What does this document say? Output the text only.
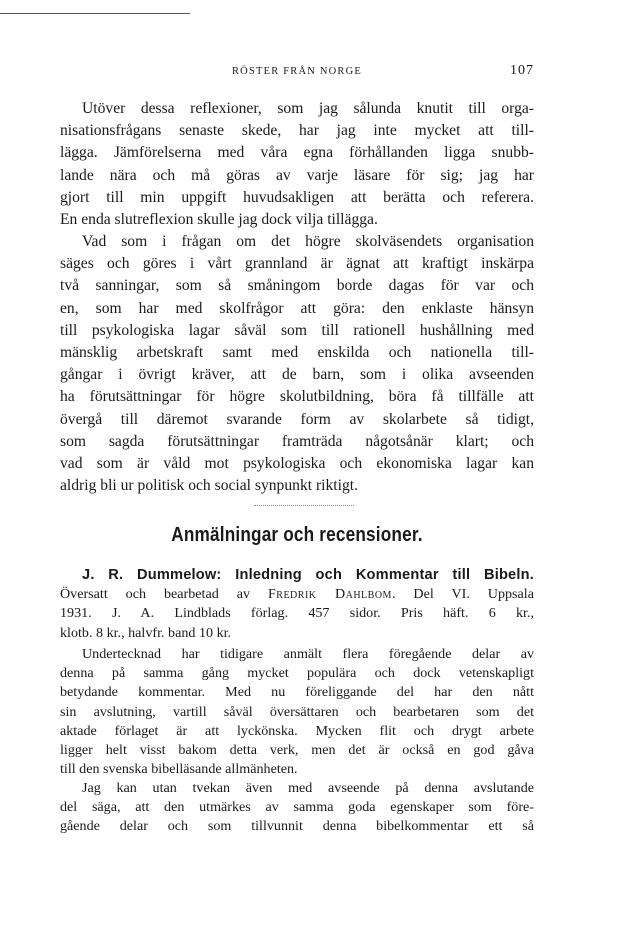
RÖSTER FRÅN NORGE	107
Utöver dessa reflexioner, som jag sålunda knutit till orga-
nisationsfrågans senaste skede, har jag inte mycket att till-
lägga. Jämförelserna med våra egna förhållanden ligga snubb-
lande nära och må göras av varje läsare för sig; jag har
gjort till min uppgift huvudsakligen att berätta och referera.
En enda slutreflexion skulle jag dock vilja tillägga.
Vad som i frågan om det högre skolväsendets organisation
säges och göres i vårt grannland är ägnat att kraftigt inskärpa
två sanningar, som så småningom borde dagas för var och
en, som har med skolfrågor att göra: den enklaste hänsyn
till psykologiska lagar såväl som till rationell hushållning med
mänsklig arbetskraft samt med enskilda och nationella till-
gångar i övrigt kräver, att de barn, som i olika avseenden
ha förutsättningar för högre skolutbildning, böra få tillfälle att
övergå till däremot svarande form av skolarbete så tidigt,
som sagda förutsättningar framträda någotsånär klart; och
vad som är våld mot psykologiska och ekonomiska lagar kan
aldrig bli ur politisk och social synpunkt riktigt.
Anmälningar och recensioner.
J. R. Dummelow: Inledning och Kommentar till Bibeln.
Översatt och bearbetad av Fredrik Dahlbom. Del VI. Uppsala
1931. J. A. Lindblads förlag. 457 sidor. Pris häft. 6 kr.,
klotb. 8 kr., halvfr. band 10 kr.
Undertecknad har tidigare anmält flera föregående delar av
denna på samma gång mycket populära och dock vetenskapligt
betydande kommentar. Med nu föreliggande del har den nått
sin avslutning, vartill såväl översättaren och bearbetaren som det
aktade förlaget är att lyckönska. Mycken flit och drygt arbete
ligger helt visst bakom detta verk, men det är också en god gåva
till den svenska bibelläsande allmänheten.
Jag kan utan tvekan även med avseende på denna avslutande
del säga, att den utmärkes av samma goda egenskaper som före-
gående delar och som tillvunnit denna bibelkommentar ett så
